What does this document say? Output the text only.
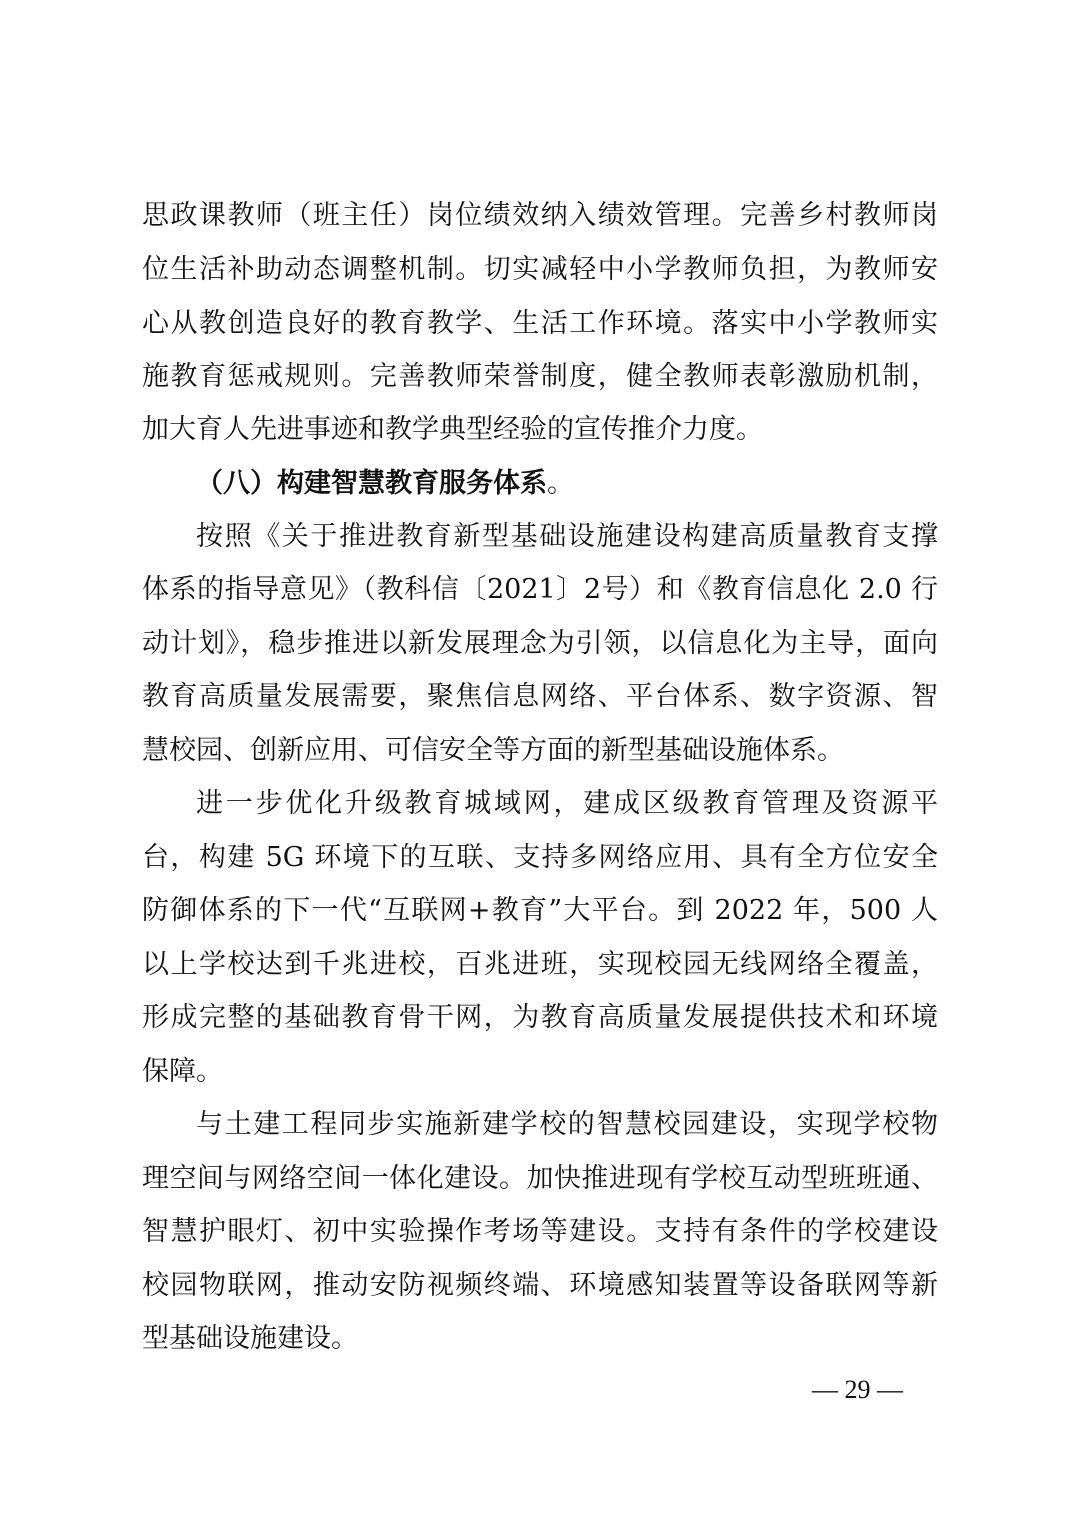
思政课教师（班主任）岗位绩效纳入绩效管理。完善乡村教师岗
位生活补助动态调整机制。切实减轻中小学教师负担，为教师安
心从教创造良好的教育教学、生活工作环境。落实中小学教师实
施教育惩戒规则。完善教师荣誉制度，健全教师表彰激励机制，
加大育人先进事迹和教学典型经验的宣传推介力度。
（八）构建智慧教育服务体系。
按照《关于推进教育新型基础设施建设构建高质量教育支撑
体系的指导意见》（教科信〔2021〕2号）和《教育信息化 2.0 行
动计划》，稳步推进以新发展理念为引领，以信息化为主导，面向
教育高质量发展需要，聚焦信息网络、平台体系、数字资源、智
慧校园、创新应用、可信安全等方面的新型基础设施体系。
进一步优化升级教育城域网，建成区级教育管理及资源平
台，构建 5G 环境下的互联、支持多网络应用、具有全方位安全
防御体系的下一代“互联网+教育”大平台。到 2022 年，500 人
以上学校达到千兆进校，百兆进班，实现校园无线网络全覆盖，
形成完整的基础教育骨干网，为教育高质量发展提供技术和环境
保障。
与土建工程同步实施新建学校的智慧校园建设，实现学校物
理空间与网络空间一体化建设。加快推进现有学校互动型班班通、
智慧护眼灯、初中实验操作考场等建设。支持有条件的学校建设
校园物联网，推动安防视频终端、环境感知装置等设备联网等新
型基础设施建设。
— 29 —
